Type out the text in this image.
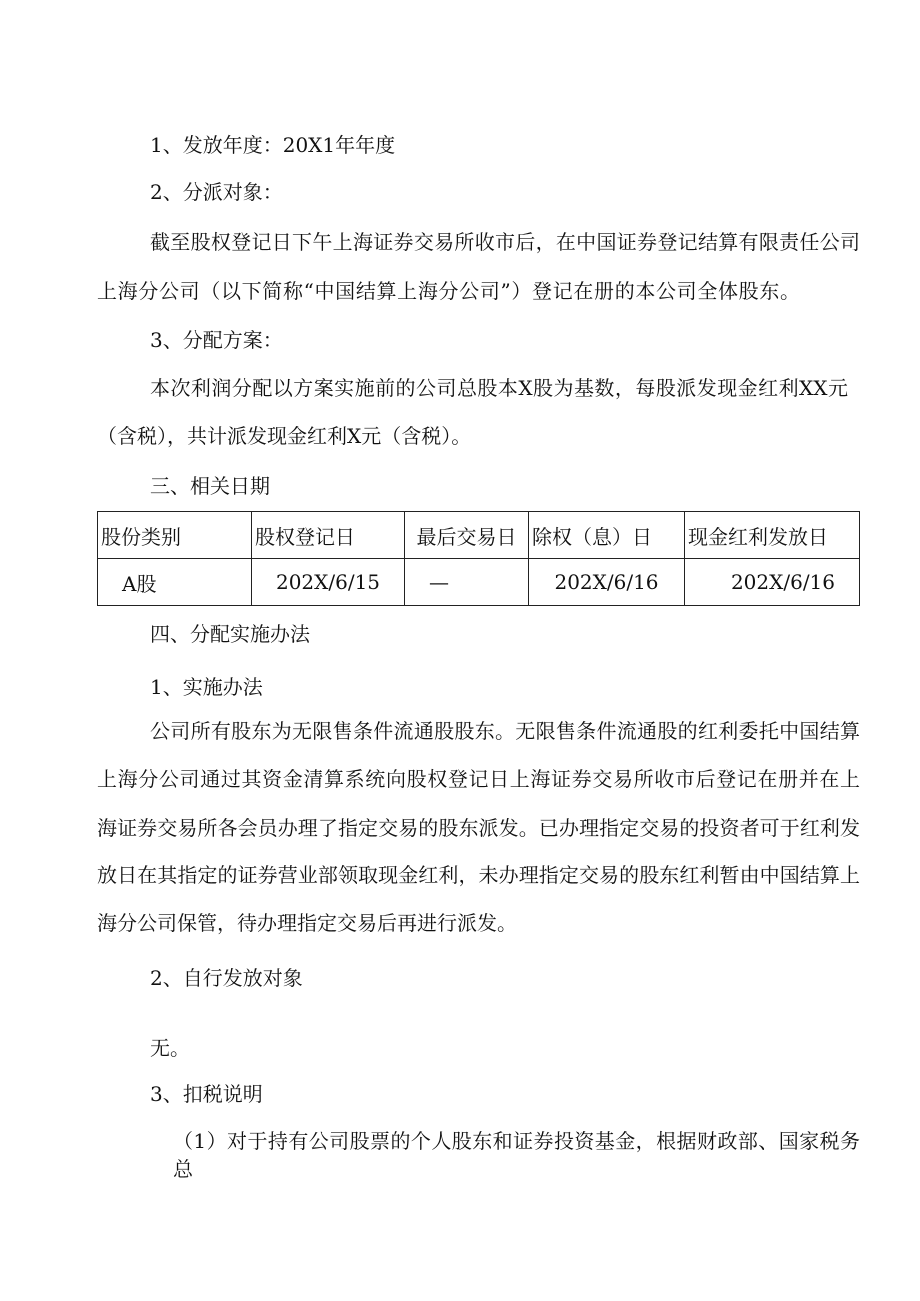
1、发放年度：20X1年年度
2、分派对象：
截至股权登记日下午上海证券交易所收市后，在中国证券登记结算有限责任公司
上海分公司（以下简称“中国结算上海分公司”）登记在册的本公司全体股东。
3、分配方案：
本次利润分配以方案实施前的公司总股本X股为基数，每股派发现金红利XX元
（含税），共计派发现金红利X元（含税）。
三、相关日期
股份类别	股权登记日	最后交易日	除权（息）日	现金红利发放日
A股	202X/6/15	—	202X/6/16	202X/6/16
四、分配实施办法
1、实施办法
公司所有股东为无限售条件流通股股东。无限售条件流通股的红利委托中国结算
上海分公司通过其资金清算系统向股权登记日上海证券交易所收市后登记在册并在上
海证券交易所各会员办理了指定交易的股东派发。已办理指定交易的投资者可于红利发
放日在其指定的证券营业部领取现金红利，未办理指定交易的股东红利暂由中国结算上
海分公司保管，待办理指定交易后再进行派发。
2、自行发放对象
无。
3、扣税说明
（1）对于持有公司股票的个人股东和证券投资基金，根据财政部、国家税务总
